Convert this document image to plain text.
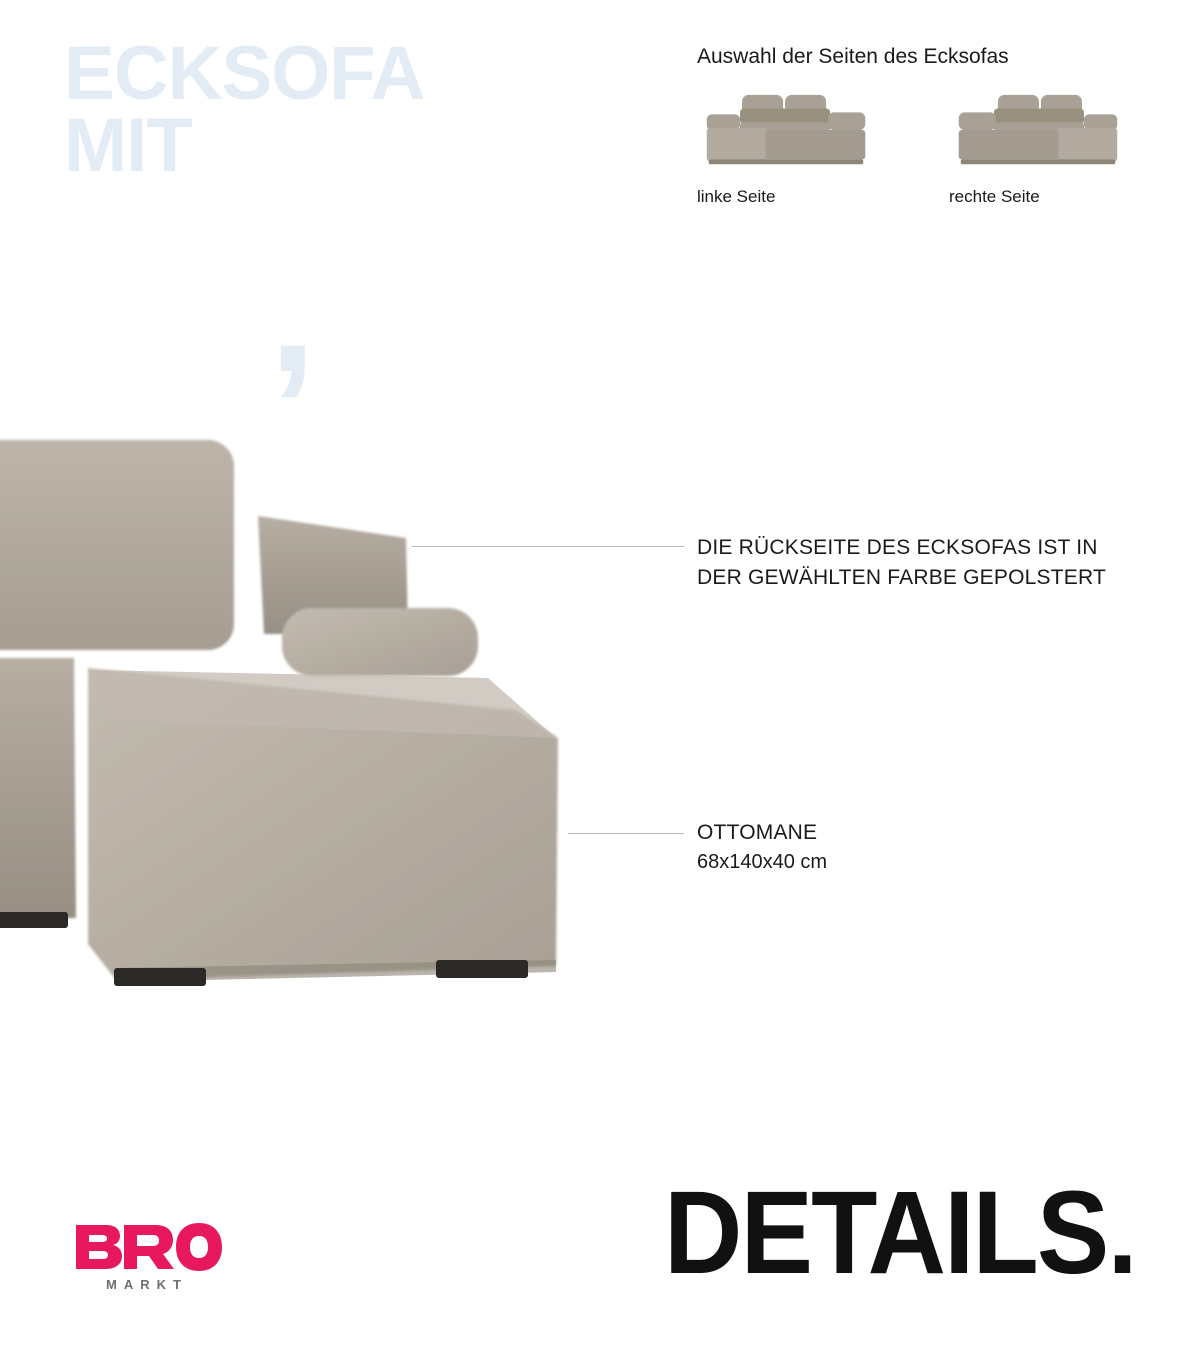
ECKSOFA
MIT
,

Auswahl der Seiten des Ecksofas

linke Seite	rechte Seite
DIE RÜCKSEITE DES ECKSOFAS IST IN DER GEWÄHLTEN FARBE GEPOLSTERT
OTTOMANE
68x140x40 cm
DETAILS.
MARKT
